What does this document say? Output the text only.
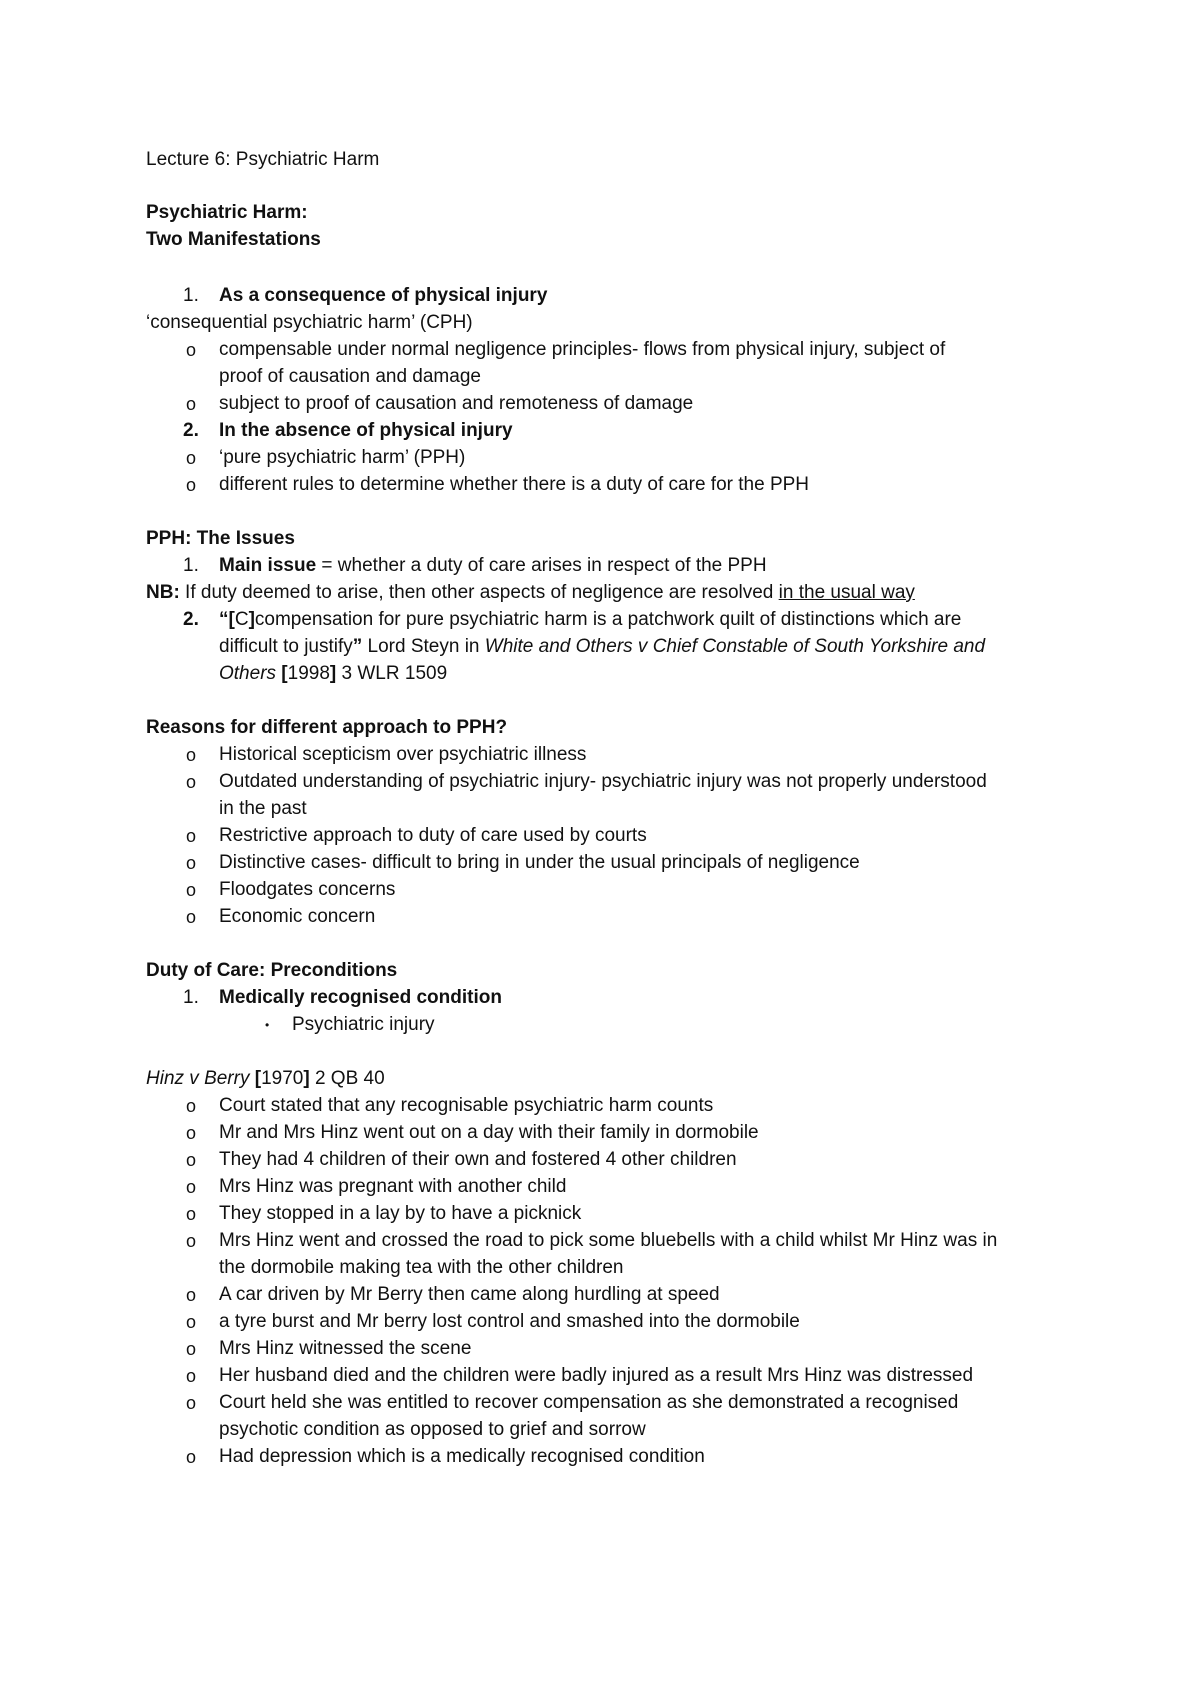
Lecture 6: Psychiatric Harm
Psychiatric Harm:
Two Manifestations
1. As a consequence of physical injury
‘consequential psychiatric harm’ (CPH)
o compensable under normal negligence principles- flows from physical injury, subject of
proof of causation and damage
o subject to proof of causation and remoteness of damage
2. In the absence of physical injury
o ‘pure psychiatric harm’ (PPH)
o different rules to determine whether there is a duty of care for the PPH
PPH: The Issues
1. Main issue = whether a duty of care arises in respect of the PPH
NB: If duty deemed to arise, then other aspects of negligence are resolved in the usual way
2. “[C]compensation for pure psychiatric harm is a patchwork quilt of distinctions which are
difficult to justify” Lord Steyn in White and Others v Chief Constable of South Yorkshire and
Others [1998] 3 WLR 1509
Reasons for different approach to PPH?
o Historical scepticism over psychiatric illness
o Outdated understanding of psychiatric injury- psychiatric injury was not properly understood
in the past
o Restrictive approach to duty of care used by courts
o Distinctive cases- difficult to bring in under the usual principals of negligence
o Floodgates concerns
o Economic concern
Duty of Care: Preconditions
1. Medically recognised condition
• Psychiatric injury
Hinz v Berry [1970] 2 QB 40
o Court stated that any recognisable psychiatric harm counts
o Mr and Mrs Hinz went out on a day with their family in dormobile
o They had 4 children of their own and fostered 4 other children
o Mrs Hinz was pregnant with another child
o They stopped in a lay by to have a picknick
o Mrs Hinz went and crossed the road to pick some bluebells with a child whilst Mr Hinz was in
the dormobile making tea with the other children
o A car driven by Mr Berry then came along hurdling at speed
o a tyre burst and Mr berry lost control and smashed into the dormobile
o Mrs Hinz witnessed the scene
o Her husband died and the children were badly injured as a result Mrs Hinz was distressed
o Court held she was entitled to recover compensation as she demonstrated a recognised
psychotic condition as opposed to grief and sorrow
o Had depression which is a medically recognised condition
